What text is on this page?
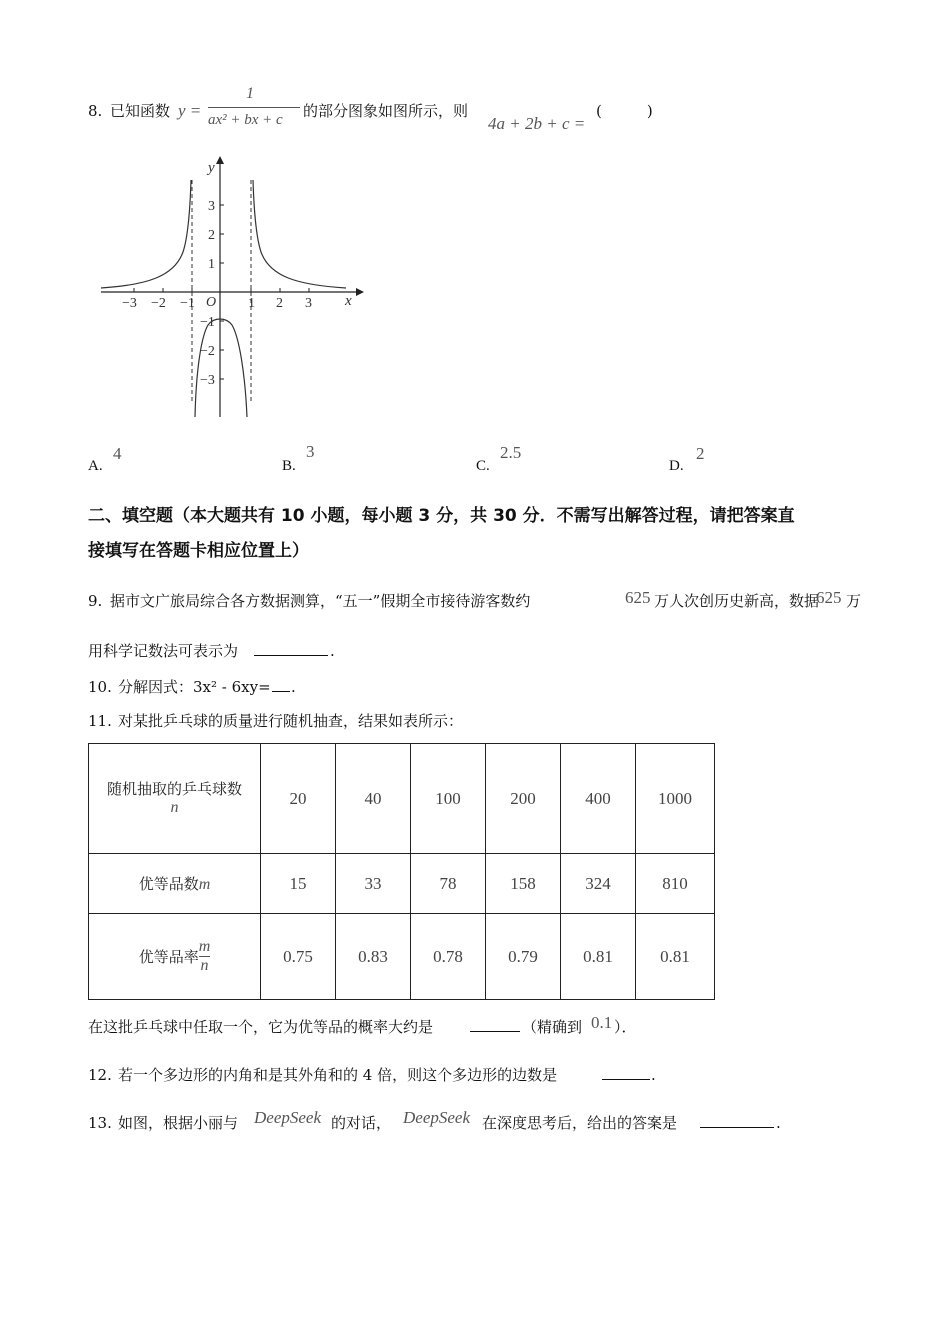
8. 已知函数 y =
1
ax² + bx + c 的部分图象如图所示，则
4a + 2b + c =
(　　　)
y
x
O
−3 −2 −1	1 2 3
3
2
1
−1
−2
−3
A.
4
B.
3
C.
2.5
D.
2
二、填空题（本大题共有 10 小题，每小题 3 分，共 30 分．不需写出解答过程，请把答案直
接填写在答题卡相应位置上）
9. 据市文广旅局综合各方数据测算，“五一”假期全市接待游客数约	625 万人次创历史新高，数据
625 万
用科学记数法可表示为	.
10. 分解因式：3x² - 6xy= .
11. 对某批乒乓球的质量进行随机抽查，结果如表所示：
随机抽取的乒乓球数
n	20	40	100	200	400	1000
优等品数m	15	33	78	158	324	810
优等品率 $\frac{m}{n}$	0.75	0.83	0.78	0.79	0.81	0.81
在这批乒乓球中任取一个，它为优等品的概率大约是	（精确到 0.1 ）．
12. 若一个多边形的内角和是其外角和的 4 倍，则这个多边形的边数是	.
13. 如图，根据小丽与 DeepSeek 的对话， DeepSeek 在深度思考后，给出的答案是	.
